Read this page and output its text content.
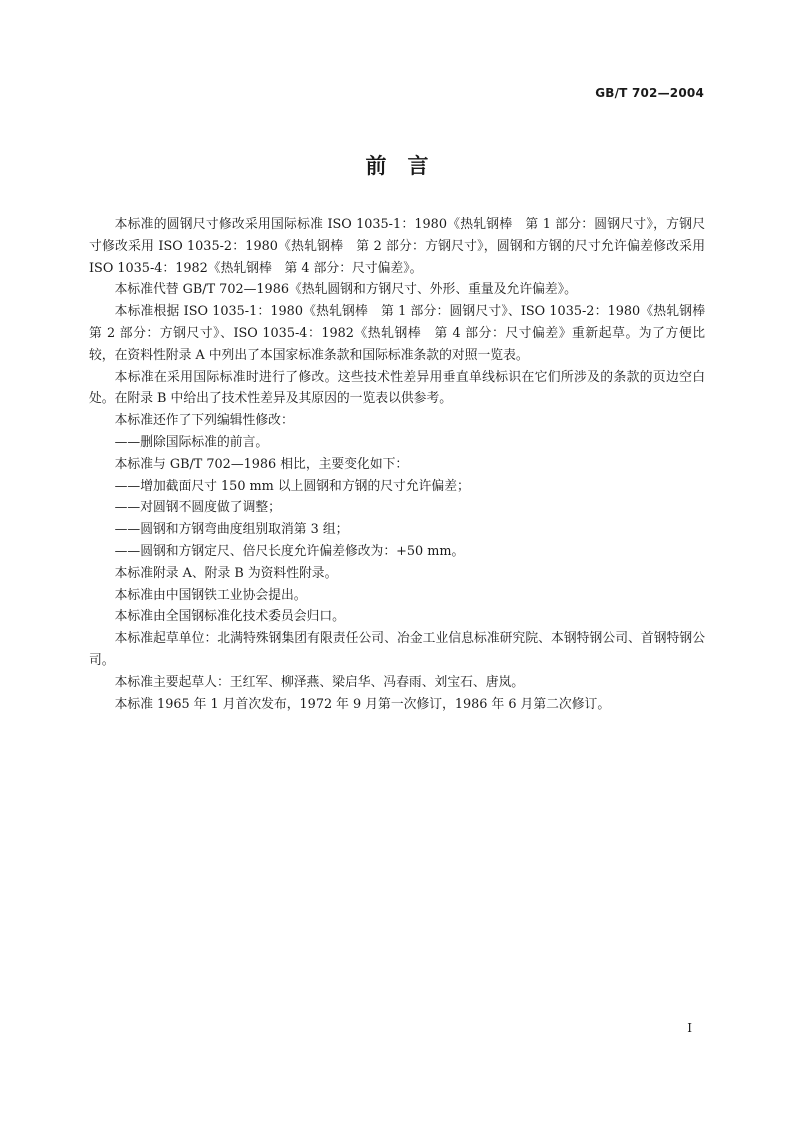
GB/T 702—2004
前　言

本标准的圆钢尺寸修改采用国际标准 ISO 1035-1：1980《热轧钢棒　第 1 部分：圆钢尺寸》，方钢尺寸修改采用 ISO 1035-2：1980《热轧钢棒　第 2 部分：方钢尺寸》，圆钢和方钢的尺寸允许偏差修改采用 ISO 1035-4：1982《热轧钢棒　第 4 部分：尺寸偏差》。

本标准代替 GB/T 702—1986《热轧圆钢和方钢尺寸、外形、重量及允许偏差》。

本标准根据 ISO 1035-1：1980《热轧钢棒　第 1 部分：圆钢尺寸》、ISO 1035-2：1980《热轧钢棒　第 2 部分：方钢尺寸》、ISO 1035-4：1982《热轧钢棒　第 4 部分：尺寸偏差》重新起草。为了方便比较，在资料性附录 A 中列出了本国家标准条款和国际标准条款的对照一览表。

本标准在采用国际标准时进行了修改。这些技术性差异用垂直单线标识在它们所涉及的条款的页边空白处。在附录 B 中给出了技术性差异及其原因的一览表以供参考。

本标准还作了下列编辑性修改：

——删除国际标准的前言。

本标准与 GB/T 702—1986 相比，主要变化如下：

——增加截面尺寸 150 mm 以上圆钢和方钢的尺寸允许偏差；

——对圆钢不圆度做了调整；

——圆钢和方钢弯曲度组别取消第 3 组；

——圆钢和方钢定尺、倍尺长度允许偏差修改为：+50 mm。

本标准附录 A、附录 B 为资料性附录。

本标准由中国钢铁工业协会提出。

本标准由全国钢标准化技术委员会归口。

本标准起草单位：北满特殊钢集团有限责任公司、冶金工业信息标准研究院、本钢特钢公司、首钢特钢公司。

本标准主要起草人：王红军、柳泽燕、梁启华、冯春雨、刘宝石、唐岚。

本标准 1965 年 1 月首次发布，1972 年 9 月第一次修订，1986 年 6 月第二次修订。

I
